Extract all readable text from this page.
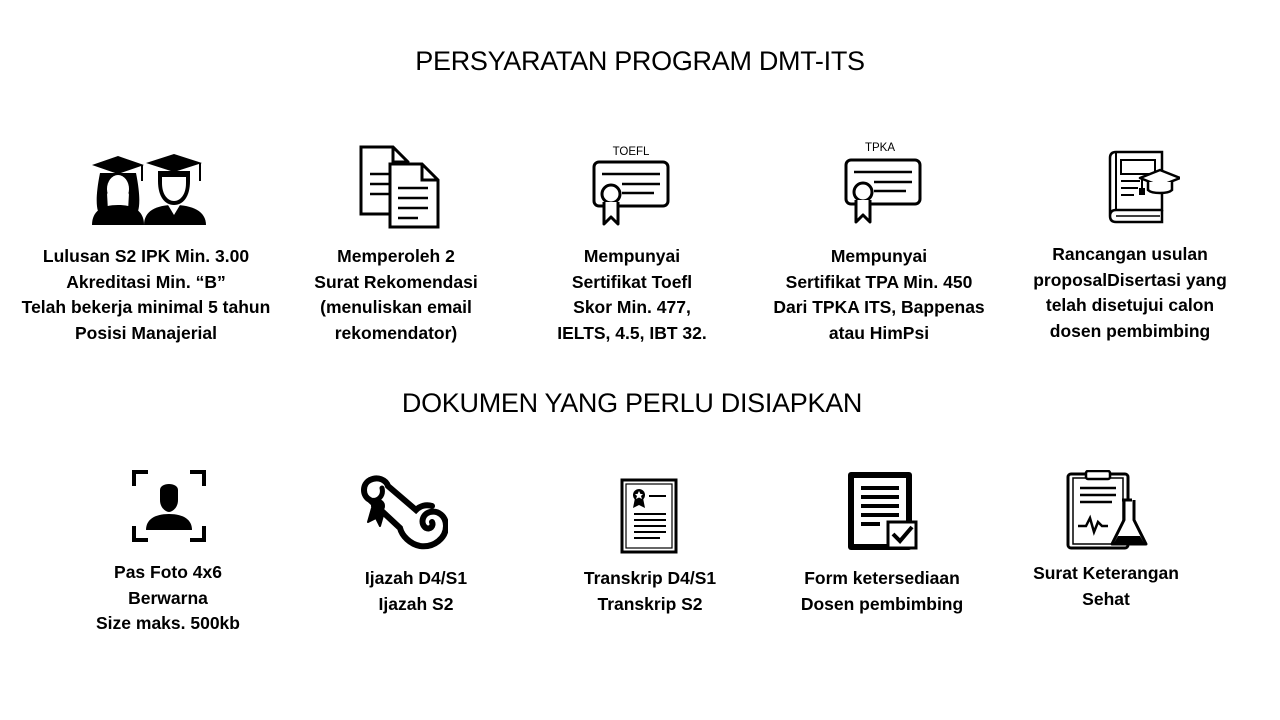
PERSYARATAN PROGRAM DMT-ITS
Lulusan S2 IPK Min. 3.00
Akreditasi Min. “B”
Telah bekerja minimal 5 tahun
Posisi Manajerial
Memperoleh 2
Surat Rekomendasi
(menuliskan email
rekomendator)
TOEFL
Mempunyai
Sertifikat Toefl
Skor Min. 477,
IELTS, 4.5, IBT 32.
TPKA
Mempunyai
Sertifikat TPA Min. 450
Dari TPKA ITS, Bappenas
atau HimPsi
Rancangan usulan
proposalDisertasi yang
telah disetujui calon
dosen pembimbing
DOKUMEN YANG PERLU DISIAPKAN
Pas Foto 4x6
Berwarna
Size maks. 500kb
Ijazah D4/S1
Ijazah S2
Transkrip D4/S1
Transkrip S2
Form ketersediaan
Dosen pembimbing
Surat Keterangan
Sehat
